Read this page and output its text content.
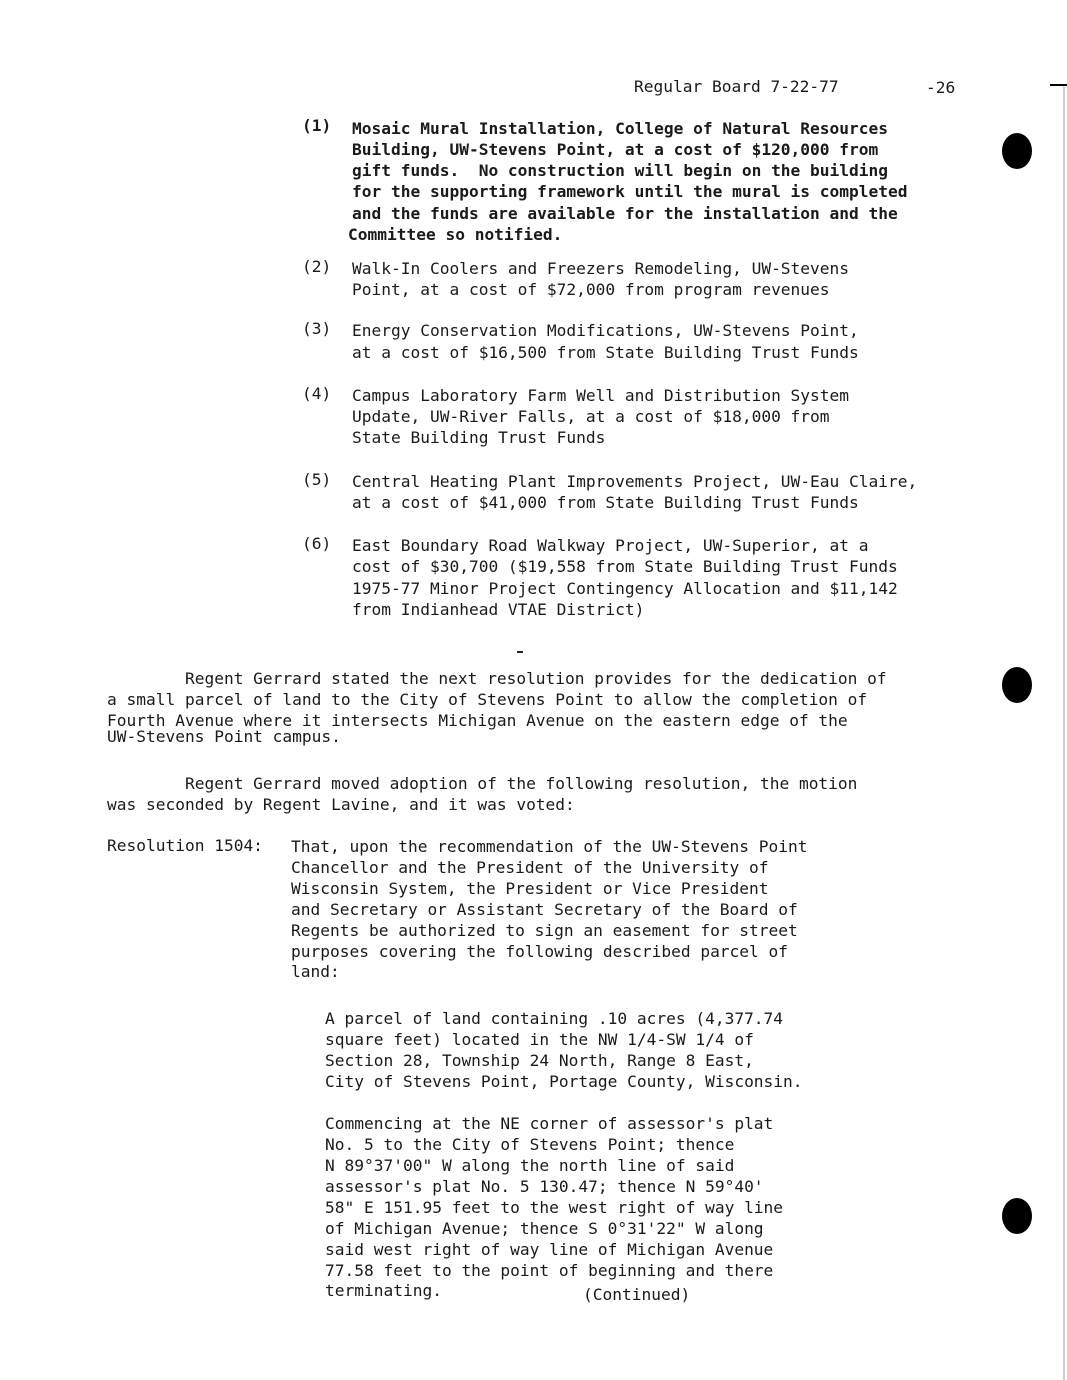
Regular Board 7-22-77	-26
(1) Mosaic Mural Installation, College of Natural Resources
Building, UW-Stevens Point, at a cost of $120,000 from
gift funds.  No construction will begin on the building
for the supporting framework until the mural is completed
and the funds are available for the installation and the
Committee so notified.
(2) Walk-In Coolers and Freezers Remodeling, UW-Stevens
Point, at a cost of $72,000 from program revenues
(3) Energy Conservation Modifications, UW-Stevens Point,
at a cost of $16,500 from State Building Trust Funds
(4) Campus Laboratory Farm Well and Distribution System
Update, UW-River Falls, at a cost of $18,000 from
State Building Trust Funds
(5) Central Heating Plant Improvements Project, UW-Eau Claire,
at a cost of $41,000 from State Building Trust Funds
(6) East Boundary Road Walkway Project, UW-Superior, at a
cost of $30,700 ($19,558 from State Building Trust Funds
1975-77 Minor Project Contingency Allocation and $11,142
from Indianhead VTAE District)
Regent Gerrard stated the next resolution provides for the dedication of
a small parcel of land to the City of Stevens Point to allow the completion of
Fourth Avenue where it intersects Michigan Avenue on the eastern edge of the
UW-Stevens Point campus.
Regent Gerrard moved adoption of the following resolution, the motion
was seconded by Regent Lavine, and it was voted:
Resolution 1504: That, upon the recommendation of the UW-Stevens Point
Chancellor and the President of the University of
Wisconsin System, the President or Vice President
and Secretary or Assistant Secretary of the Board of
Regents be authorized to sign an easement for street
purposes covering the following described parcel of
land:
A parcel of land containing .10 acres (4,377.74
square feet) located in the NW 1/4-SW 1/4 of
Section 28, Township 24 North, Range 8 East,
City of Stevens Point, Portage County, Wisconsin.
Commencing at the NE corner of assessor's plat
No. 5 to the City of Stevens Point; thence
N 89°37'00" W along the north line of said
assessor's plat No. 5 130.47; thence N 59°40'
58" E 151.95 feet to the west right of way line
of Michigan Avenue; thence S 0°31'22" W along
said west right of way line of Michigan Avenue
77.58 feet to the point of beginning and there
terminating.	(Continued)
